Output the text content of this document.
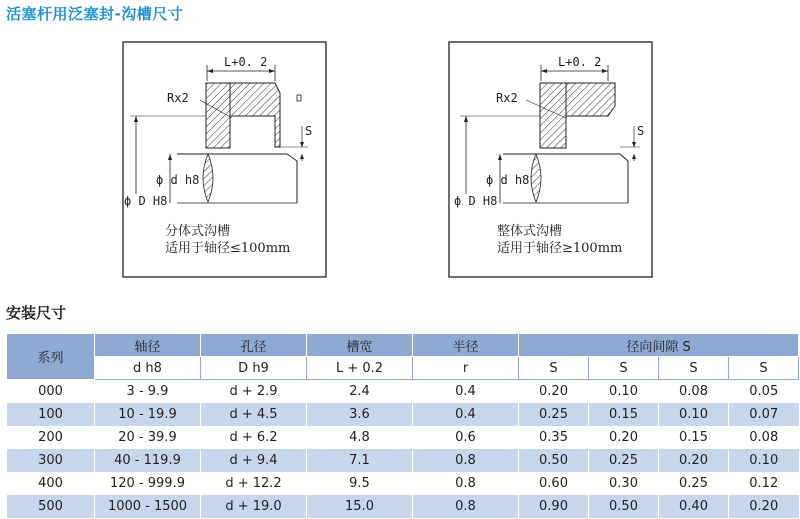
活塞杆用泛塞封-沟槽尺寸
L+0. 2
Rx2
S
ϕ d h8
ϕ D H8
分体式沟槽
适用于轴径≤100mm
L+0. 2
Rx2
S
ϕ d h8
ϕ D H8
整体式沟槽
适用于轴径≥100mm
安装尺寸
系列	轴径	孔径	槽宽	半径	径向间隙 S			
	d h8	D h9	L + 0.2	r	S	S	S	S
000	3 - 9.9	d + 2.9	2.4	0.4	0.20	0.10	0.08	0.05
100	10 - 19.9	d + 4.5	3.6	0.4	0.25	0.15	0.10	0.07
200	20 - 39.9	d + 6.2	4.8	0.6	0.35	0.20	0.15	0.08
300	40 - 119.9	d + 9.4	7.1	0.8	0.50	0.25	0.20	0.10
400	120 - 999.9	d + 12.2	9.5	0.8	0.60	0.30	0.25	0.12
500	1000 - 1500	d + 19.0	15.0	0.8	0.90	0.50	0.40	0.20
